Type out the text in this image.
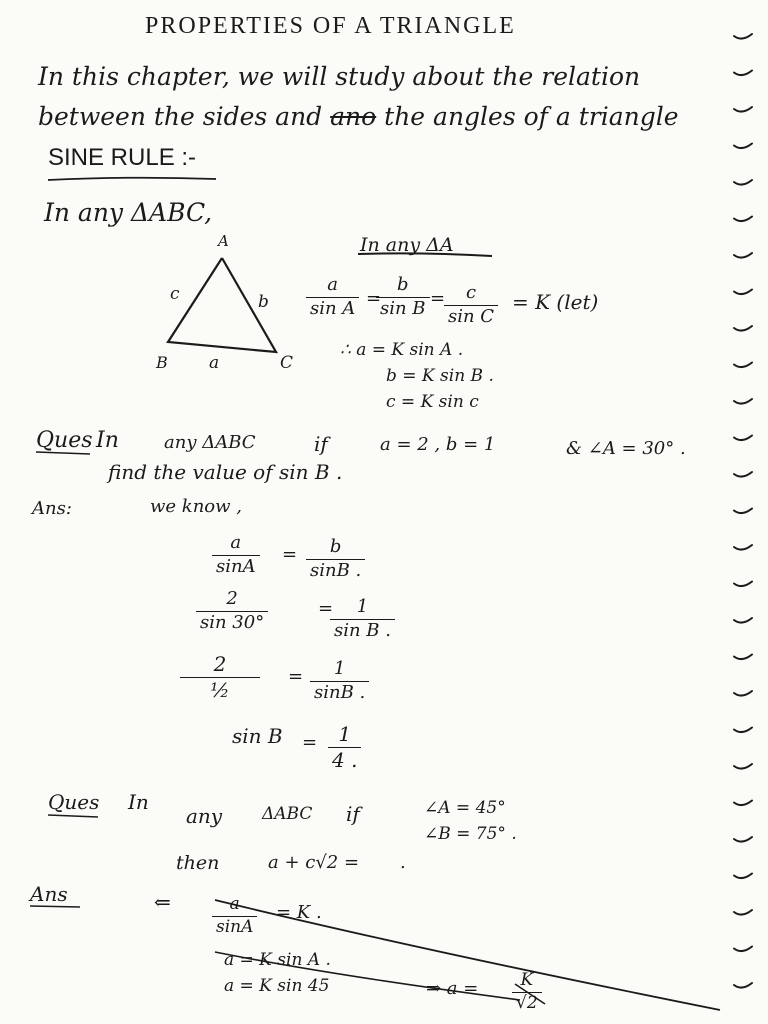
PROPERTIES OF A TRIANGLE
In this chapter, we will study about the relation
between the sides and ano the angles of a triangle
SINE RULE :-
In any ΔABC,
A
B	C
a
b
c
In any ΔA
a
sin A =
b
sin B = c
sin C
= K (let)
∴ a = K sin A .
b = K sin B .
c = K sin c
Ques In	any ΔABC	if	a = 2 , b = 1	& ∠A = 30° .
find the value of sin B .
Ans:	we know ,
a
sinA
= b
sinB .
2
sin 30°
= 1
sin B .
2
½
= 1
sinB .
sin B = 1
4 .
Ques In
any ΔABC if	∠A = 45°
∠B = 75° .
then	a + c√2 = .
Ans	⇐	a
sinA
= K .
a = K sin A .
a = K sin 45	⇒ a = K
√2
